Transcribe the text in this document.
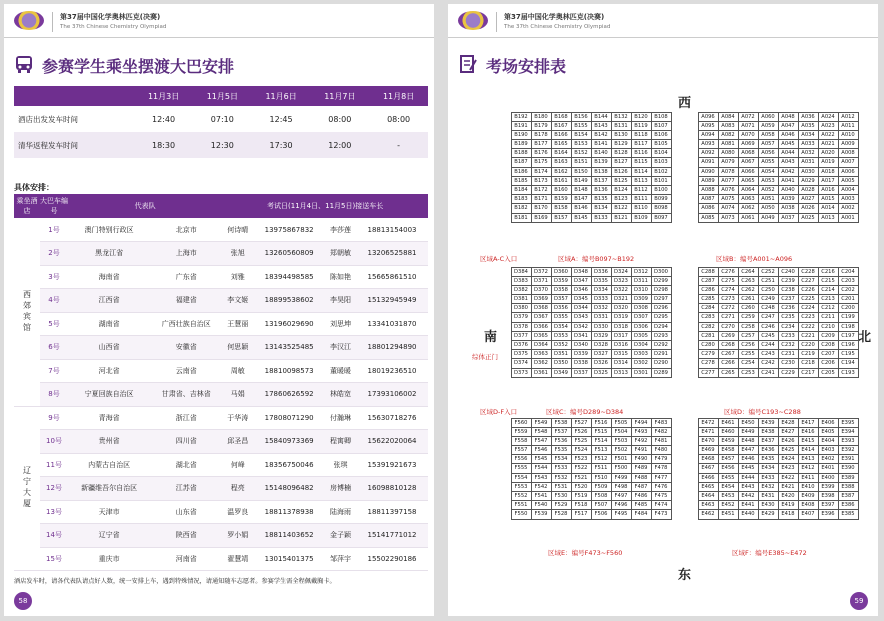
第37届中国化学奥林匹克(决赛)
The 37th Chinese Chemistry Olympiad
参赛学生乘坐摆渡大巴安排
	11月3日	11月5日	11月6日	11月7日	11月8日
酒店出发发车时间	12:40	07:10	12:45	08:00	08:00
清华返程发车时间	18:30	12:30	17:30	12:00	-
具体安排：
乘坐酒店	大巴车编号	代表队		考试日(11月4日、11月5日)接送车长			
西郊宾馆	1号	澳门特别行政区	北京市	何诗晴	13975867832	李莎莲	18813154003
	2号	黑龙江省	上海市	张旭	13260560809	郑朝敏	13206525881
	3号	海南省	广东省	刘雅	18394498585	陈如艳	15665861510
	4号	江西省	福建省	李文姬	18899538602	李昊阳	15132945949
	5号	湖南省	广西壮族自治区	王慧丽	13196029690	刘思坤	13341031870
	6号	山西省	安徽省	何思颖	13143525485	李汉江	18801294890
	7号	河北省	云南省	周敏	18810098573	董暖暖	18019236510
	8号	宁夏回族自治区	甘肃省、吉林省	马娟	17860626592	林皓宽	17393106002
辽宁大厦	9号	青海省	浙江省	于华涛	17808071290	付瀚琳	15630718276
	10号	贵州省	四川省	邱圣昌	15840973369	程寓卿	15622020064
	11号	内蒙古自治区	湖北省	何峰	18356750046	张琪	15391921673
	12号	新疆维吾尔自治区	江苏省	程亮	15148096482	房博楠	16098810128
	13号	天津市	山东省	温罗良	18811378938	陆海雨	18811397158
	14号	辽宁省	陕西省	罗小娟	18811403652	金子颖	15141771012
	15号	重庆市	河南省	翟慧靖	13015401375	邹萍宇	15502290186
酒店发车时，请各代表队请点好人数，统一安排上车，遇到特殊情况，请通知随车志愿者。参赛学生需全程佩戴胸卡。
58
第37届中国化学奥林匹克(决赛)
The 37th Chinese Chemistry Olympiad
考场安排表
西
南	北
东
综体正门
B192	B180	B168	B156	B144	B132	B120	B108
B191	B179	B167	B155	B143	B131	B119	B107
B190	B178	B166	B154	B142	B130	B118	B106
B189	B177	B165	B153	B141	B129	B117	B105
B188	B176	B164	B152	B140	B128	B116	B104
B187	B175	B163	B151	B139	B127	B115	B103
B186	B174	B162	B150	B138	B126	B114	B102
B185	B173	B161	B149	B137	B125	B113	B101
B184	B172	B160	B148	B136	B124	B112	B100
B183	B171	B159	B147	B135	B123	B111	B099
B182	B170	B158	B146	B134	B122	B110	B098
B181	B169	B157	B145	B133	B121	B109	B097
A096	A084	A072	A060	A048	A036	A024	A012
A095	A083	A071	A059	A047	A035	A023	A011
A094	A082	A070	A058	A046	A034	A022	A010
A093	A081	A069	A057	A045	A033	A021	A009
A092	A080	A068	A056	A044	A032	A020	A008
A091	A079	A067	A055	A043	A031	A019	A007
A090	A078	A066	A054	A042	A030	A018	A006
A089	A077	A065	A053	A041	A029	A017	A005
A088	A076	A064	A052	A040	A028	A016	A004
A087	A075	A063	A051	A039	A027	A015	A003
A086	A074	A062	A050	A038	A026	A014	A002
A085	A073	A061	A049	A037	A025	A013	A001
D384	D372	D360	D348	D336	D324	D312	D300
D383	D371	D359	D347	D335	D323	D311	D299
D382	D370	D358	D346	D334	D322	D310	D298
D381	D369	D357	D345	D333	D321	D309	D297
D380	D368	D356	D344	D332	D320	D308	D296
D379	D367	D355	D343	D331	D319	D307	D295
D378	D366	D354	D342	D330	D318	D306	D294
D377	D365	D353	D341	D329	D317	D305	D293
D376	D364	D352	D340	D328	D316	D304	D292
D375	D363	D351	D339	D327	D315	D303	D291
D374	D362	D350	D338	D326	D314	D302	D290
D373	D361	D349	D337	D325	D313	D301	D289
C288	C276	C264	C252	C240	C228	C216	C204
C287	C275	C263	C251	C239	C227	C215	C203
C286	C274	C262	C250	C238	C226	C214	C202
C285	C273	C261	C249	C237	C225	C213	C201
C284	C272	C260	C248	C236	C224	C212	C200
C283	C271	C259	C247	C235	C223	C211	C199
C282	C270	C258	C246	C234	C222	C210	C198
C281	C269	C257	C245	C233	C221	C209	C197
C280	C268	C256	C244	C232	C220	C208	C196
C279	C267	C255	C243	C231	C219	C207	C195
C278	C266	C254	C242	C230	C218	C206	C194
C277	C265	C253	C241	C229	C217	C205	C193
F560	F549	F538	F527	F516	F505	F494	F483
F559	F548	F537	F526	F515	F504	F493	F482
F558	F547	F536	F525	F514	F503	F492	F481
F557	F546	F535	F524	F513	F502	F491	F480
F556	F545	F534	F523	F512	F501	F490	F479
F555	F544	F533	F522	F511	F500	F489	F478
F554	F543	F532	F521	F510	F499	F488	F477
F553	F542	F531	F520	F509	F498	F487	F476
F552	F541	F530	F519	F508	F497	F486	F475
F551	F540	F529	F518	F507	F496	F485	F474
F550	F539	F528	F517	F506	F495	F484	F473
E472	E461	E450	E439	E428	E417	E406	E395
E471	E460	E449	E438	E427	E416	E405	E394
E470	E459	E448	E437	E426	E415	E404	E393
E469	E458	E447	E436	E425	E414	E403	E392
E468	E457	E446	E435	E424	E413	E402	E391
E467	E456	E445	E434	E423	E412	E401	E390
E466	E455	E444	E433	E422	E411	E400	E389
E465	E454	E443	E432	E421	E410	E399	E388
E464	E453	E442	E431	E420	E409	E398	E387
E463	E452	E441	E430	E419	E408	E397	E386
E462	E451	E440	E429	E418	E407	E396	E385
区域A-C入口	区域A：编号B097~B192	区域B：编号A001~A096
区域D-F入口	区域C：编号D289~D384	区域D：编号C193~C288
区域E：编号F473~F560	区域F：编号E385~E472
59
